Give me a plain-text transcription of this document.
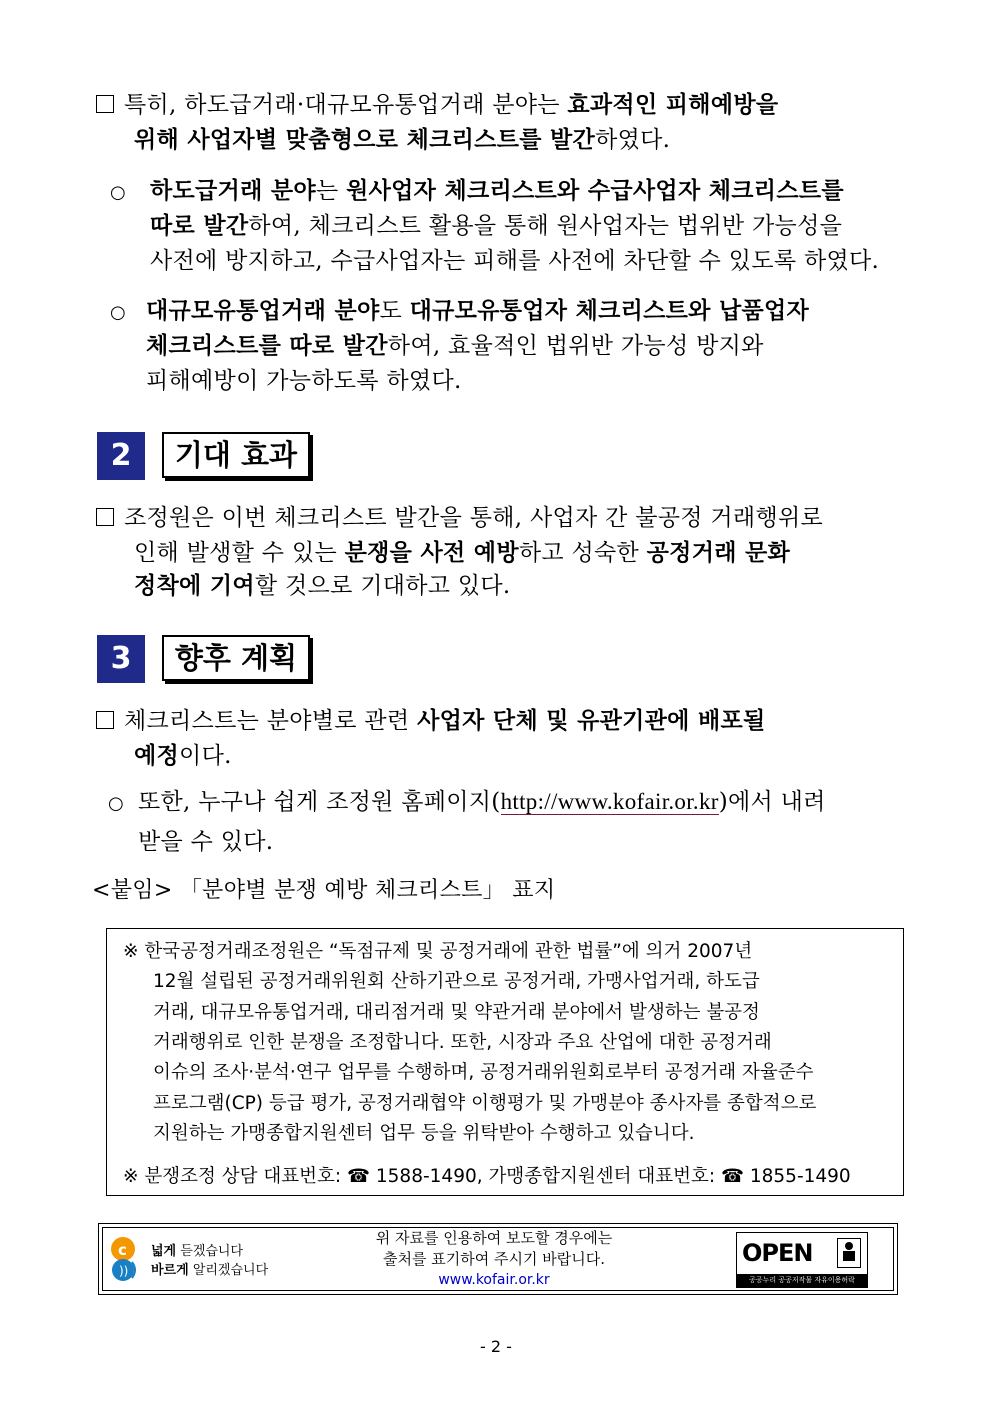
특히, 하도급거래·대규모유통업거래 분야는 효과적인 피해예방을
위해 사업자별 맞춤형으로 체크리스트를 발간하였다.
○ 하도급거래 분야는 원사업자 체크리스트와 수급사업자 체크리스트를
따로 발간하여, 체크리스트 활용을 통해 원사업자는 법위반 가능성을
사전에 방지하고, 수급사업자는 피해를 사전에 차단할 수 있도록 하였다.
○ 대규모유통업거래 분야도 대규모유통업자 체크리스트와 납품업자
체크리스트를 따로 발간하여, 효율적인 법위반 가능성 방지와
피해예방이 가능하도록 하였다.
2	기대 효과
조정원은 이번 체크리스트 발간을 통해, 사업자 간 불공정 거래행위로
인해 발생할 수 있는 분쟁을 사전 예방하고 성숙한 공정거래 문화
정착에 기여할 것으로 기대하고 있다.
3	향후 계획
체크리스트는 분야별로 관련 사업자 단체 및 유관기관에 배포될
예정이다.
○ 또한, 누구나 쉽게 조정원 홈페이지(http://www.kofair.or.kr)에서 내려
받을 수 있다.
<붙임> 「분야별 분쟁 예방 체크리스트」 표지
※ 한국공정거래조정원은 “독점규제 및 공정거래에 관한 법률”에 의거 2007년
12월 설립된 공정거래위원회 산하기관으로 공정거래, 가맹사업거래, 하도급
거래, 대규모유통업거래, 대리점거래 및 약관거래 분야에서 발생하는 불공정
거래행위로 인한 분쟁을 조정합니다. 또한, 시장과 주요 산업에 대한 공정거래
이슈의 조사·분석·연구 업무를 수행하며, 공정거래위원회로부터 공정거래 자율준수
프로그램(CP) 등급 평가, 공정거래협약 이행평가 및 가맹분야 종사자를 종합적으로
지원하는 가맹종합지원센터 업무 등을 위탁받아 수행하고 있습니다.
※ 분쟁조정 상담 대표번호: ☎ 1588-1490, 가맹종합지원센터 대표번호: ☎ 1855-1490
c
))
넓게 듣겠습니다
바르게 알리겠습니다
위 자료를 인용하여 보도할 경우에는
출처를 표기하여 주시기 바랍니다.
www.kofair.or.kr
OPEN
공공누리 공공저작물 자유이용허락
- 2 -
